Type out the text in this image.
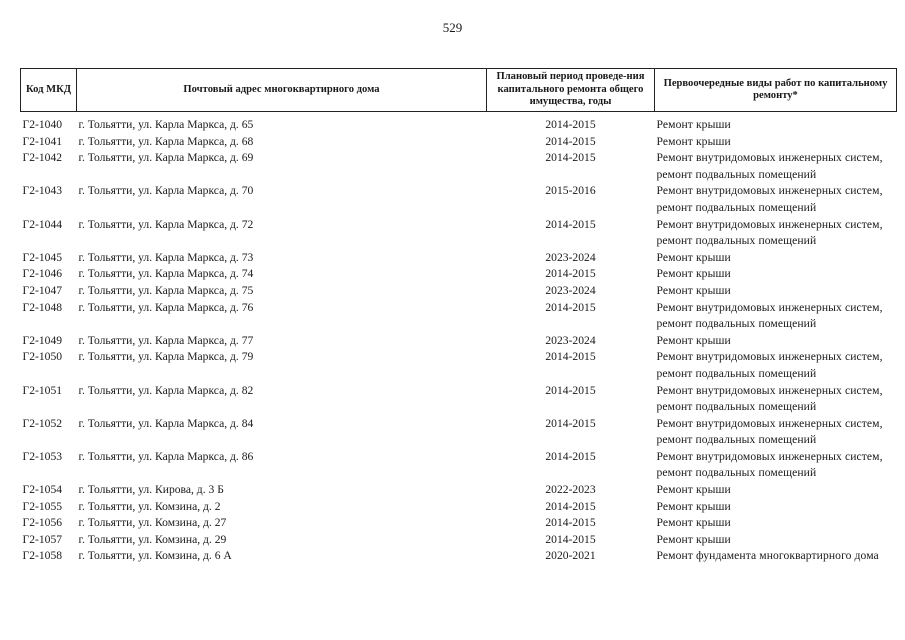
529
Код МКД	Почтовый адрес многоквартирного дома	Плановый период проведе-ния капитального ремонта общего имущества, годы	Первоочередные виды работ по капитальному ремонту*
Г2-1040	г. Тольятти, ул. Карла Маркса, д. 65	2014-2015	Ремонт крыши

Г2-1041	г. Тольятти, ул. Карла Маркса, д. 68	2014-2015	Ремонт крыши

Г2-1042	г. Тольятти, ул. Карла Маркса, д. 69	2014-2015	Ремонт внутридомовых инженерных систем,
ремонт подвальных помещений

Г2-1043	г. Тольятти, ул. Карла Маркса, д. 70	2015-2016	Ремонт внутридомовых инженерных систем,
ремонт подвальных помещений

Г2-1044	г. Тольятти, ул. Карла Маркса, д. 72	2014-2015	Ремонт внутридомовых инженерных систем,
ремонт подвальных помещений

Г2-1045	г. Тольятти, ул. Карла Маркса, д. 73	2023-2024	Ремонт крыши

Г2-1046	г. Тольятти, ул. Карла Маркса, д. 74	2014-2015	Ремонт крыши

Г2-1047	г. Тольятти, ул. Карла Маркса, д. 75	2023-2024	Ремонт крыши

Г2-1048	г. Тольятти, ул. Карла Маркса, д. 76	2014-2015	Ремонт внутридомовых инженерных систем,
ремонт подвальных помещений

Г2-1049	г. Тольятти, ул. Карла Маркса, д. 77	2023-2024	Ремонт крыши

Г2-1050	г. Тольятти, ул. Карла Маркса, д. 79	2014-2015	Ремонт внутридомовых инженерных систем,
ремонт подвальных помещений

Г2-1051	г. Тольятти, ул. Карла Маркса, д. 82	2014-2015	Ремонт внутридомовых инженерных систем,
ремонт подвальных помещений

Г2-1052	г. Тольятти, ул. Карла Маркса, д. 84	2014-2015	Ремонт внутридомовых инженерных систем,
ремонт подвальных помещений

Г2-1053	г. Тольятти, ул. Карла Маркса, д. 86	2014-2015	Ремонт внутридомовых инженерных систем,
ремонт подвальных помещений

Г2-1054	г. Тольятти, ул. Кирова, д. 3 Б	2022-2023	Ремонт крыши

Г2-1055	г. Тольятти, ул. Комзина, д. 2	2014-2015	Ремонт крыши

Г2-1056	г. Тольятти, ул. Комзина, д. 27	2014-2015	Ремонт крыши

Г2-1057	г. Тольятти, ул. Комзина, д. 29	2014-2015	Ремонт крыши

Г2-1058	г. Тольятти, ул. Комзина, д. 6 А	2020-2021	Ремонт фундамента многоквартирного дома
